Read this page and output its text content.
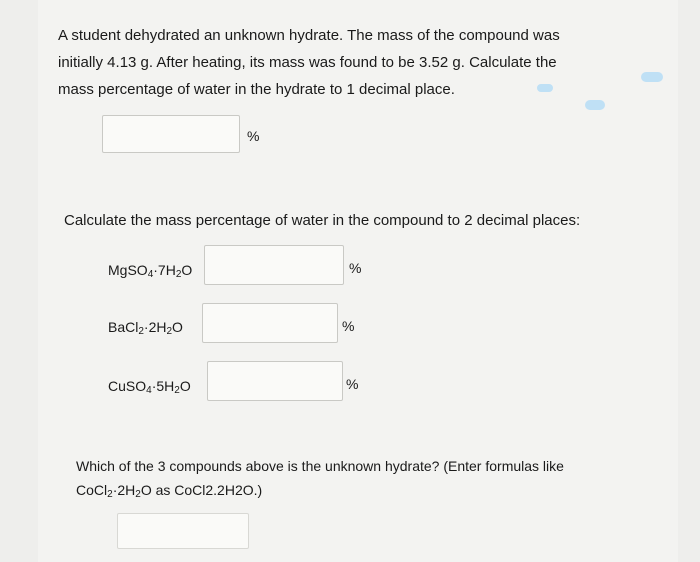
A student dehydrated an unknown hydrate. The mass of the compound was
initially 4.13 g. After heating, its mass was found to be 3.52 g. Calculate the
mass percentage of water in the hydrate to 1 decimal place.
%
Calculate the mass percentage of water in the compound to 2 decimal places:
$MgSO_4\cdot 7H_2O$	%
$BaCl_2\cdot 2H_2O$	%
$CuSO_4\cdot 5H_2O$	%
Which of the 3 compounds above is the unknown hydrate? (Enter formulas like
$CoCl_2\cdot 2H_2O$ as CoCl2.2H2O.)
